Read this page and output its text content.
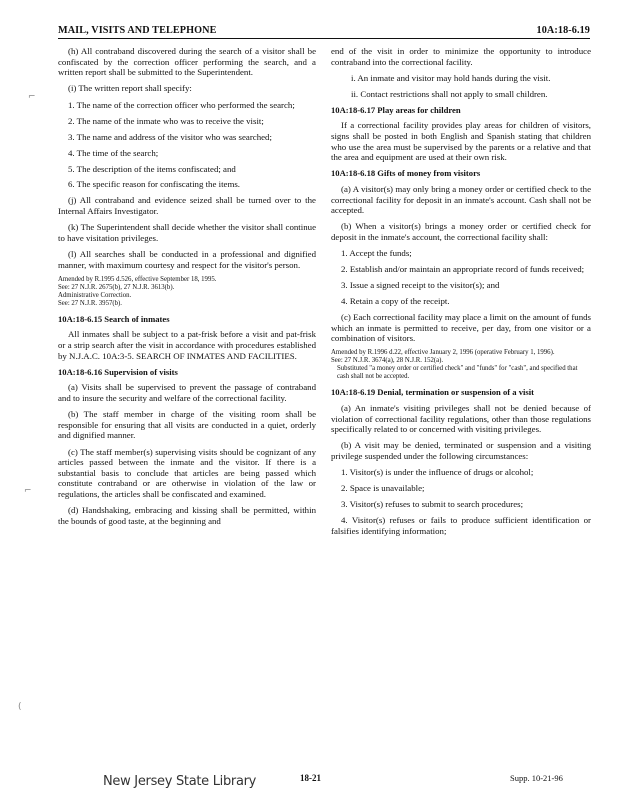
MAIL, VISITS AND TELEPHONE	10A:18-6.19
⌐
⌐
(

(h) All contraband discovered during the search of a visitor shall be confiscated by the correction officer performing the search, and a written report shall be submitted to the Superintendent.

(i) The written report shall specify:

1. The name of the correction officer who performed the search;

2. The name of the inmate who was to receive the visit;

3. The name and address of the visitor who was searched;

4. The time of the search;

5. The description of the items confiscated; and

6. The specific reason for confiscating the items.

(j) All contraband and evidence seized shall be turned over to the Internal Affairs Investigator.

(k) The Superintendent shall decide whether the visitor shall continue to have visitation privileges.

(l) All searches shall be conducted in a professional and dignified manner, with maximum courtesy and respect for the visitor's person.

Amended by R.1995 d.526, effective September 18, 1995.
See: 27 N.J.R. 2675(b), 27 N.J.R. 3613(b).
Administrative Correction.
See: 27 N.J.R. 3957(b).

10A:18-6.15 Search of inmates

All inmates shall be subject to a pat-frisk before a visit and pat-frisk or a strip search after the visit in accordance with procedures established by N.J.A.C. 10A:3-5. SEARCH OF INMATES AND FACILITIES.

10A:18-6.16 Supervision of visits

(a) Visits shall be supervised to prevent the passage of contraband and to insure the security and welfare of the correctional facility.

(b) The staff member in charge of the visiting room shall be responsible for ensuring that all visits are conducted in a quiet, orderly and dignified manner.

(c) The staff member(s) supervising visits should be cognizant of any articles passed between the inmate and the visitor. If there is a substantial basis to conclude that articles are being passed which constitute contraband or are otherwise in violation of the law or regulations, the articles shall be confiscated and examined.

(d) Handshaking, embracing and kissing shall be permitted, within the bounds of good taste, at the beginning and

end of the visit in order to minimize the opportunity to introduce contraband into the correctional facility.

i. An inmate and visitor may hold hands during the visit.

ii. Contact restrictions shall not apply to small children.

10A:18-6.17 Play areas for children

If a correctional facility provides play areas for children of visitors, signs shall be posted in both English and Spanish stating that children who use the area must be supervised by the parents or a relative and that the area and equipment are used at their own risk.

10A:18-6.18 Gifts of money from visitors

(a) A visitor(s) may only bring a money order or certified check to the correctional facility for deposit in an inmate's account. Cash shall not be accepted.

(b) When a visitor(s) brings a money order or certified check for deposit in the inmate's account, the correctional facility shall:

1. Accept the funds;

2. Establish and/or maintain an appropriate record of funds received;

3. Issue a signed receipt to the visitor(s); and

4. Retain a copy of the receipt.

(c) Each correctional facility may place a limit on the amount of funds which an inmate is permitted to receive, per day, from one visitor or a combination of visitors.

Amended by R.1996 d.22, effective January 2, 1996 (operative February 1, 1996).
See: 27 N.J.R. 3674(a), 28 N.J.R. 152(a).
Substituted "a money order or certified check" and "funds" for "cash", and specified that cash shall not be accepted.

10A:18-6.19 Denial, termination or suspension of a visit

(a) An inmate's visiting privileges shall not be denied because of violation of correctional facility regulations, other than those regulations specifically related to or concerned with visiting privileges.

(b) A visit may be denied, terminated or suspension and a visiting privilege suspended under the following circumstances:

1. Visitor(s) is under the influence of drugs or alcohol;

2. Space is unavailable;

3. Visitor(s) refuses to submit to search procedures;

4. Visitor(s) refuses or fails to produce sufficient identification or falsifies identifying information;

New Jersey State Library	18-21	Supp. 10-21-96
